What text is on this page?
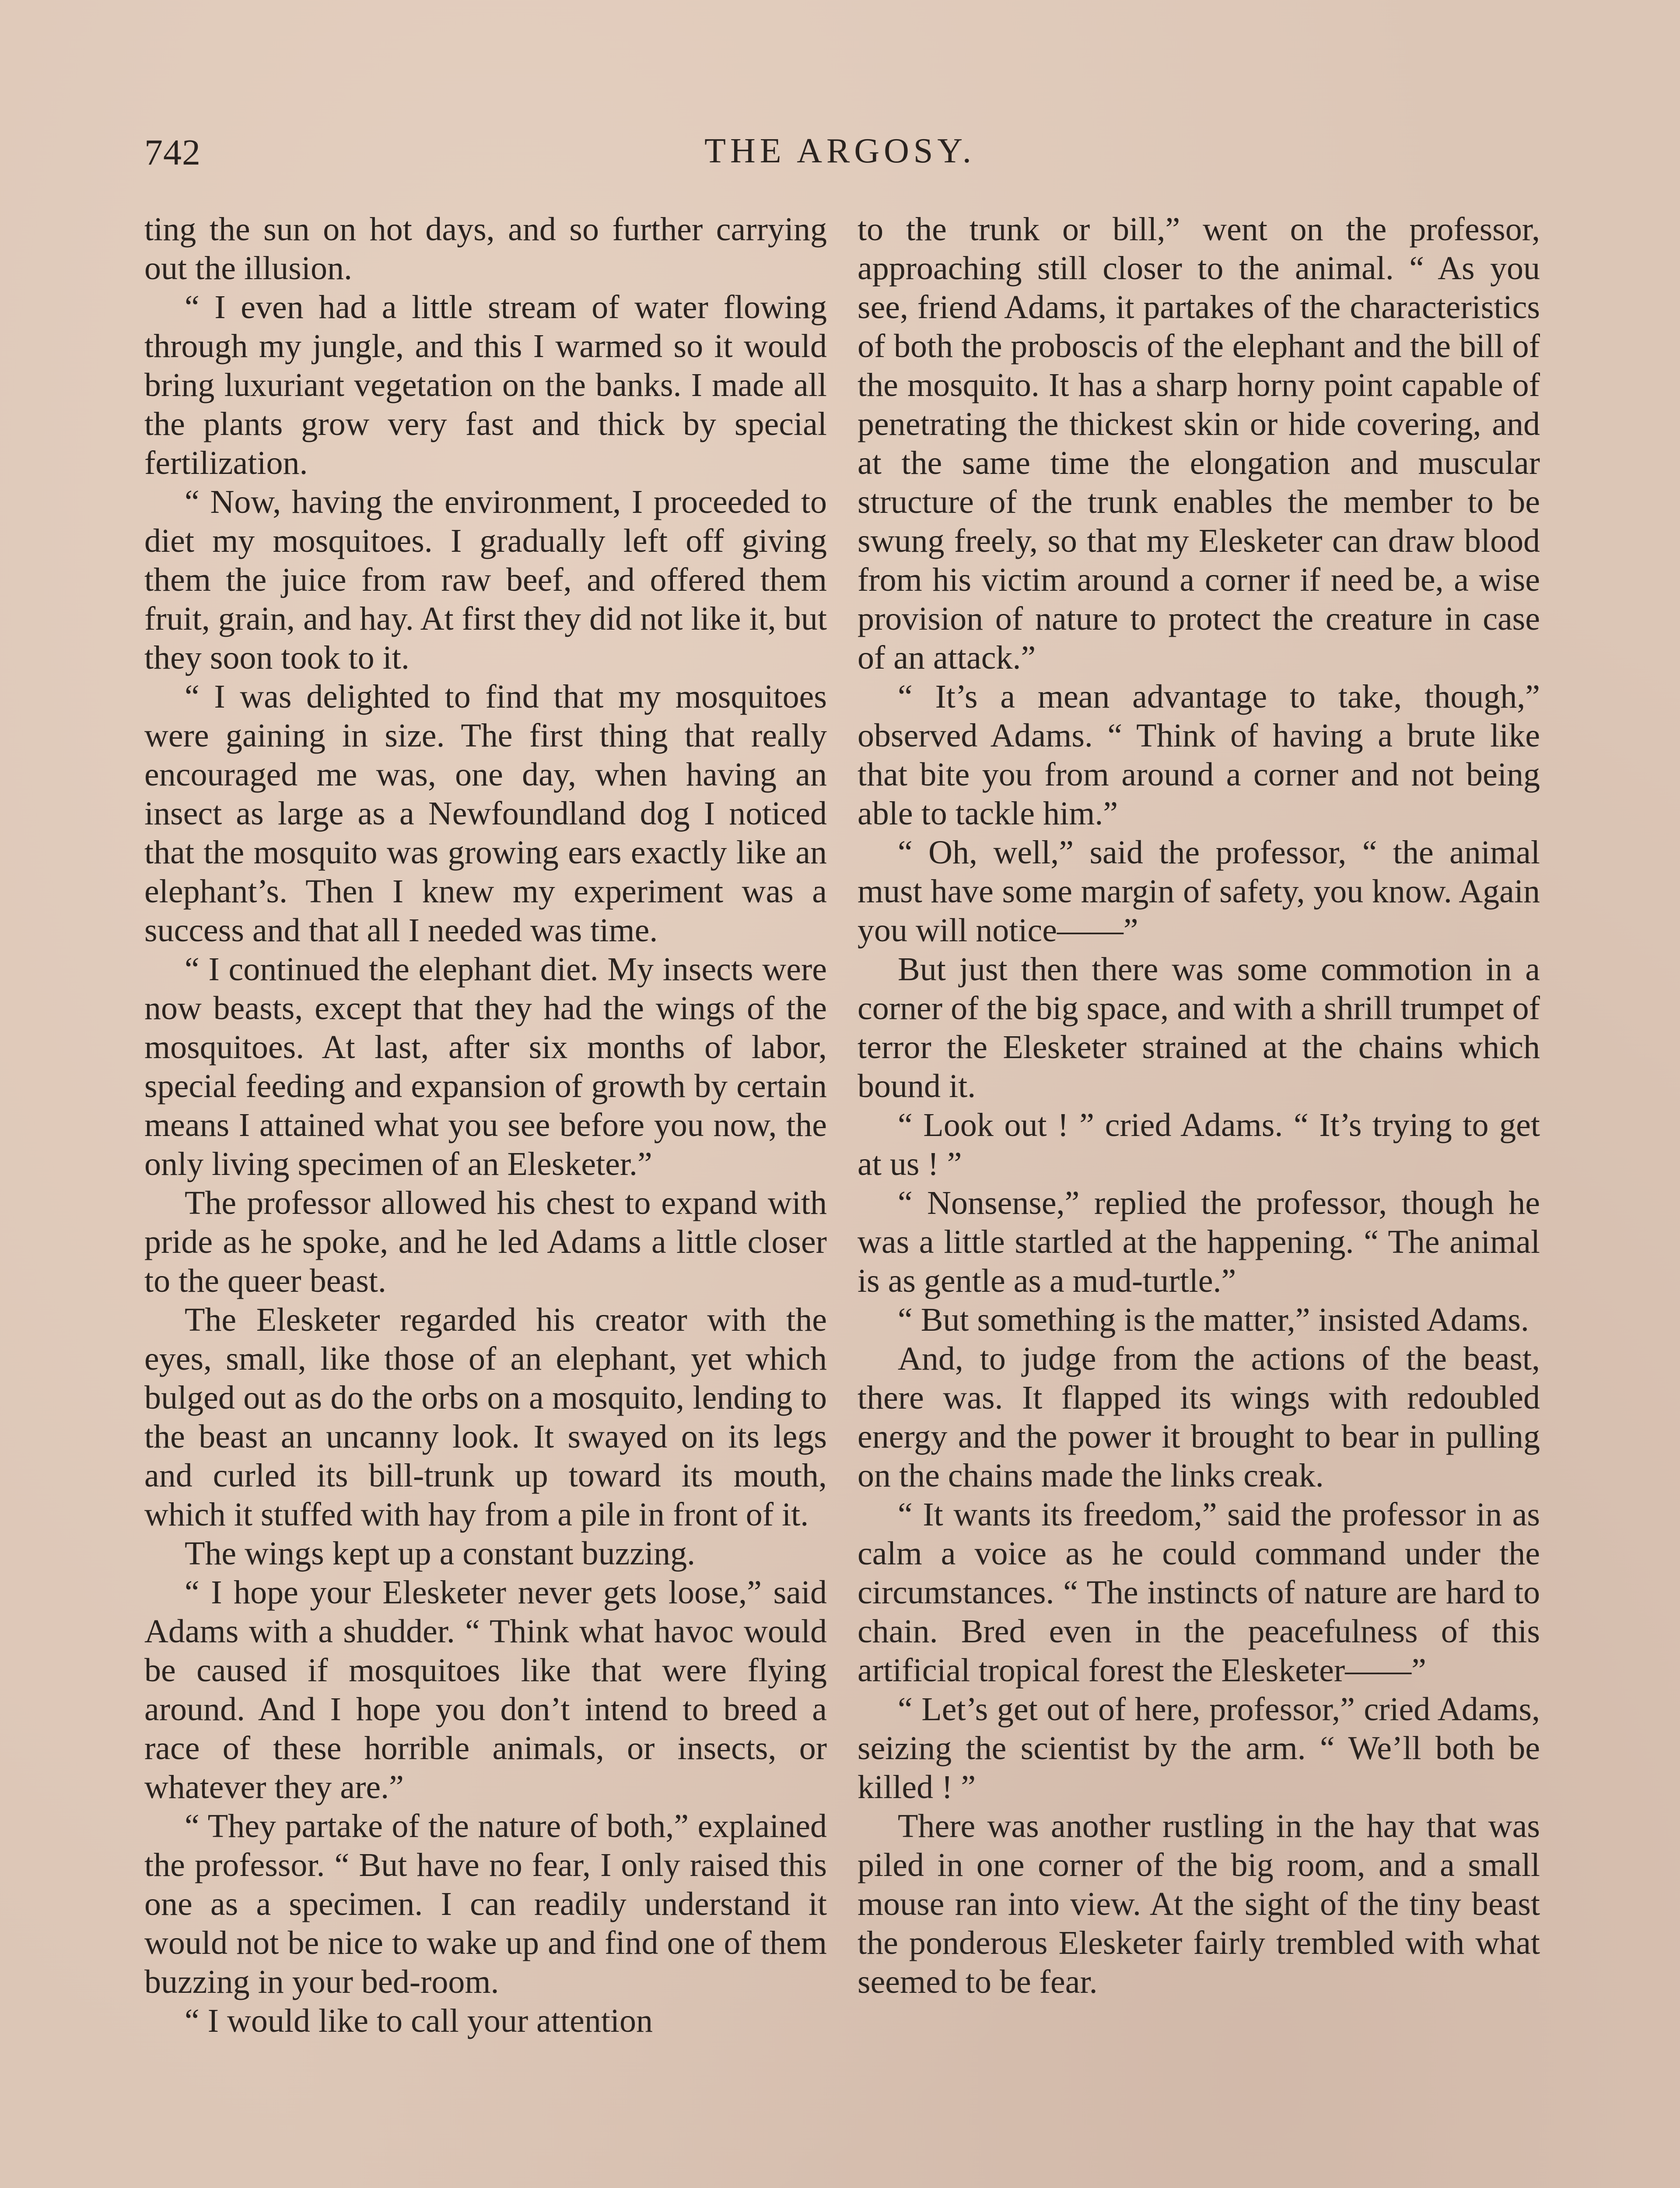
742	THE ARGOSY.

ting the sun on hot days, and so further carrying out the illusion.

“ I even had a little stream of water flowing through my jungle, and this I warmed so it would bring luxuriant vegetation on the banks. I made all the plants grow very fast and thick by special fertilization.

“ Now, having the environment, I proceeded to diet my mosquitoes. I gradually left off giving them the juice from raw beef, and offered them fruit, grain, and hay. At first they did not like it, but they soon took to it.

“ I was delighted to find that my mosquitoes were gaining in size. The first thing that really encouraged me was, one day, when having an insect as large as a Newfoundland dog I noticed that the mosquito was growing ears exactly like an elephant’s. Then I knew my experiment was a success and that all I needed was time.

“ I continued the elephant diet. My insects were now beasts, except that they had the wings of the mosquitoes. At last, after six months of labor, special feeding and expansion of growth by certain means I attained what you see before you now, the only living specimen of an Elesketer.”

The professor allowed his chest to expand with pride as he spoke, and he led Adams a little closer to the queer beast.

The Elesketer regarded his creator with the eyes, small, like those of an elephant, yet which bulged out as do the orbs on a mosquito, lending to the beast an uncanny look. It swayed on its legs and curled its bill-trunk up toward its mouth, which it stuffed with hay from a pile in front of it.

The wings kept up a constant buzzing.

“ I hope your Elesketer never gets loose,” said Adams with a shudder. “ Think what havoc would be caused if mosquitoes like that were flying around. And I hope you don’t intend to breed a race of these horrible animals, or insects, or whatever they are.”

“ They partake of the nature of both,” explained the professor. “ But have no fear, I only raised this one as a specimen. I can readily understand it would not be nice to wake up and find one of them buzzing in your bed-room.

“ I would like to call your attention

to the trunk or bill,” went on the professor, approaching still closer to the animal. “ As you see, friend Adams, it partakes of the characteristics of both the proboscis of the elephant and the bill of the mosquito. It has a sharp horny point capable of penetrating the thickest skin or hide covering, and at the same time the elongation and muscular structure of the trunk enables the member to be swung freely, so that my Elesketer can draw blood from his victim around a corner if need be, a wise provision of nature to protect the creature in case of an attack.”

“ It’s a mean advantage to take, though,” observed Adams. “ Think of having a brute like that bite you from around a corner and not being able to tackle him.”

“ Oh, well,” said the professor, “ the animal must have some margin of safety, you know. Again you will notice——”

But just then there was some commotion in a corner of the big space, and with a shrill trumpet of terror the Elesketer strained at the chains which bound it.

“ Look out ! ” cried Adams. “ It’s trying to get at us ! ”

“ Nonsense,” replied the professor, though he was a little startled at the happening. “ The animal is as gentle as a mud-turtle.”

“ But something is the matter,” insisted Adams.

And, to judge from the actions of the beast, there was. It flapped its wings with redoubled energy and the power it brought to bear in pulling on the chains made the links creak.

“ It wants its freedom,” said the professor in as calm a voice as he could command under the circumstances. “ The instincts of nature are hard to chain. Bred even in the peacefulness of this artificial tropical forest the Elesketer——”

“ Let’s get out of here, professor,” cried Adams, seizing the scientist by the arm. “ We’ll both be killed ! ”

There was another rustling in the hay that was piled in one corner of the big room, and a small mouse ran into view. At the sight of the tiny beast the ponderous Elesketer fairly trembled with what seemed to be fear.
